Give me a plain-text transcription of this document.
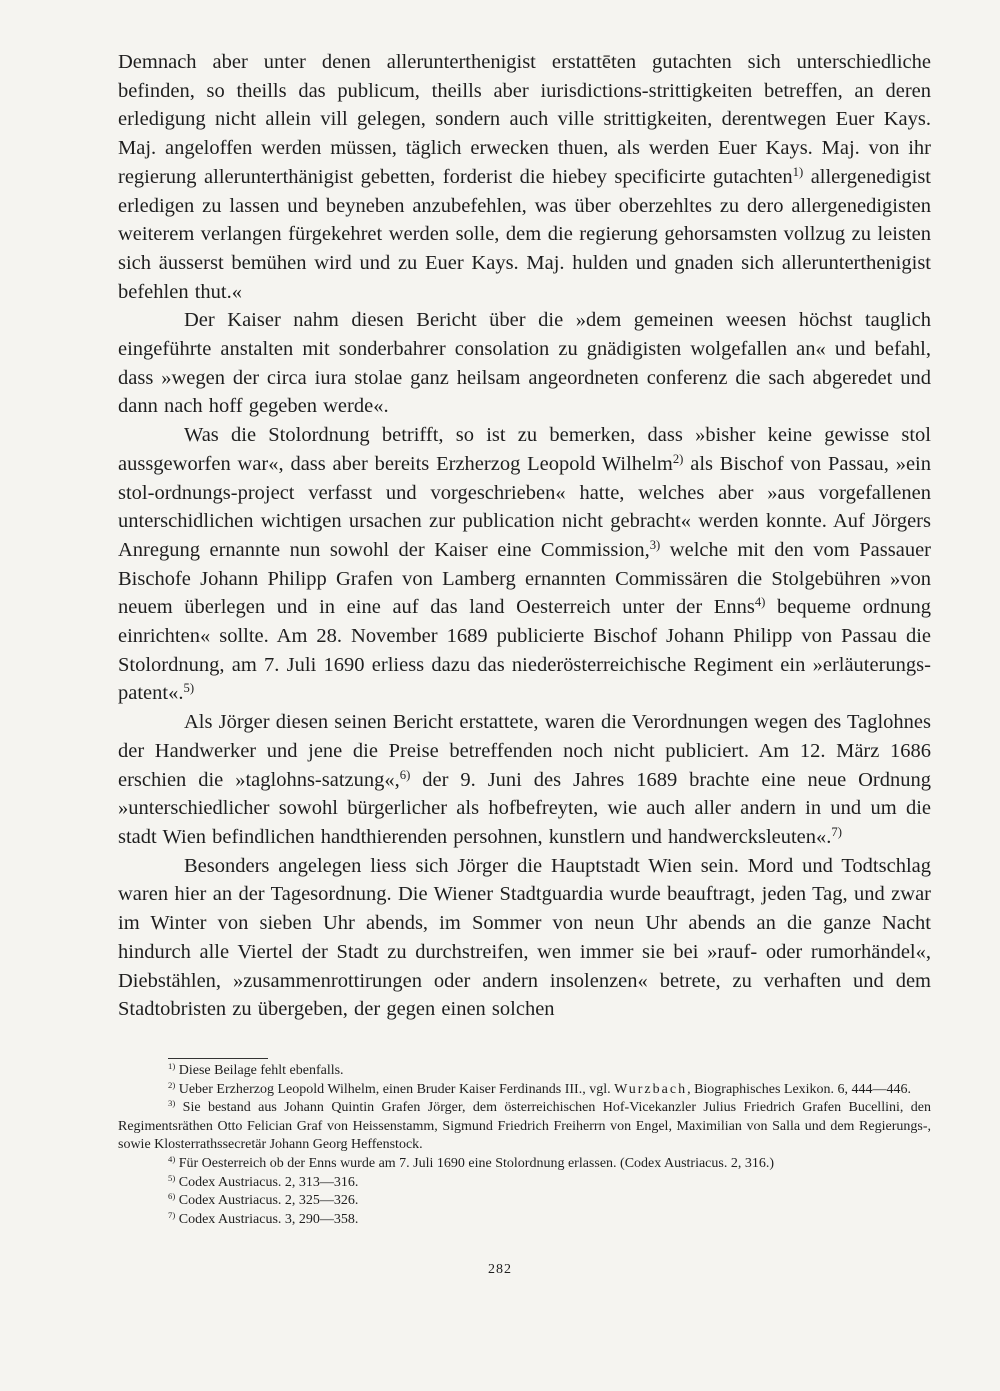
Demnach aber unter denen allerunterthenigist erstattēten gutachten sich unterschiedliche befinden, so theills das publicum, theills aber iurisdictions-strittigkeiten betreffen, an deren erledigung nicht allein vill gelegen, sondern auch ville strittigkeiten, derentwegen Euer Kays. Maj. angeloffen werden müssen, täglich erwecken thuen, als werden Euer Kays. Maj. von ihr regierung allerunterthänigist gebetten, forderist die hiebey specificirte gutachten$^{1)}$ allergenedigist erledigen zu lassen und beyneben anzubefehlen, was über oberzehltes zu dero allergenedigisten weiterem verlangen fürgekehret werden solle, dem die regierung gehorsamsten vollzug zu leisten sich äusserst bemühen wird und zu Euer Kays. Maj. hulden und gnaden sich allerunterthenigist befehlen thut.«

Der Kaiser nahm diesen Bericht über die »dem gemeinen weesen höchst tauglich eingeführte anstalten mit sonderbahrer consolation zu gnädigisten wolgefallen an« und befahl, dass »wegen der circa iura stolae ganz heilsam angeordneten conferenz die sach abgeredet und dann nach hoff gegeben werde«.

Was die Stolordnung betrifft, so ist zu bemerken, dass »bisher keine gewisse stol aussgeworfen war«, dass aber bereits Erzherzog Leopold Wilhelm$^{2)}$ als Bischof von Passau, »ein stol-ordnungs-project verfasst und vorgeschrieben« hatte, welches aber »aus vorgefallenen unterschidlichen wichtigen ursachen zur publication nicht gebracht« werden konnte. Auf Jörgers Anregung ernannte nun sowohl der Kaiser eine Commission,$^{3)}$ welche mit den vom Passauer Bischofe Johann Philipp Grafen von Lamberg ernannten Commissären die Stolgebühren »von neuem überlegen und in eine auf das land Oesterreich unter der Enns$^{4)}$ bequeme ordnung einrichten« sollte. Am 28. November 1689 publicierte Bischof Johann Philipp von Passau die Stolordnung, am 7. Juli 1690 erliess dazu das niederösterreichische Regiment ein »erläuterungs-patent«.$^{5)}$

Als Jörger diesen seinen Bericht erstattete, waren die Verordnungen wegen des Taglohnes der Handwerker und jene die Preise betreffenden noch nicht publiciert. Am 12. März 1686 erschien die »taglohns-satzung«,$^{6)}$ der 9. Juni des Jahres 1689 brachte eine neue Ordnung »unterschiedlicher sowohl bürgerlicher als hofbefreyten, wie auch aller andern in und um die stadt Wien befindlichen handthierenden persohnen, kunstlern und handwercksleuten«.$^{7)}$

Besonders angelegen liess sich Jörger die Hauptstadt Wien sein. Mord und Todtschlag waren hier an der Tagesordnung. Die Wiener Stadtguardia wurde beauftragt, jeden Tag, und zwar im Winter von sieben Uhr abends, im Sommer von neun Uhr abends an die ganze Nacht hindurch alle Viertel der Stadt zu durchstreifen, wen immer sie bei »rauf- oder rumorhändel«, Diebstählen, »zusammenrottirungen oder andern insolenzen« betrete, zu verhaften und dem Stadtobristen zu übergeben, der gegen einen solchen

$^{1)}$ Diese Beilage fehlt ebenfalls.

$^{2)}$ Ueber Erzherzog Leopold Wilhelm, einen Bruder Kaiser Ferdinands III., vgl. Wurzbach, Biographisches Lexikon. 6, 444—446.

$^{3)}$ Sie bestand aus Johann Quintin Grafen Jörger, dem österreichischen Hof-Vicekanzler Julius Friedrich Grafen Bucellini, den Regimentsräthen Otto Felician Graf von Heissenstamm, Sigmund Friedrich Freiherrn von Engel, Maximilian von Salla und dem Regierungs-, sowie Klosterrathssecretär Johann Georg Heffenstock.

$^{4)}$ Für Oesterreich ob der Enns wurde am 7. Juli 1690 eine Stolordnung erlassen. (Codex Austriacus. 2, 316.)

$^{5)}$ Codex Austriacus. 2, 313—316.

$^{6)}$ Codex Austriacus. 2, 325—326.

$^{7)}$ Codex Austriacus. 3, 290—358.

282
